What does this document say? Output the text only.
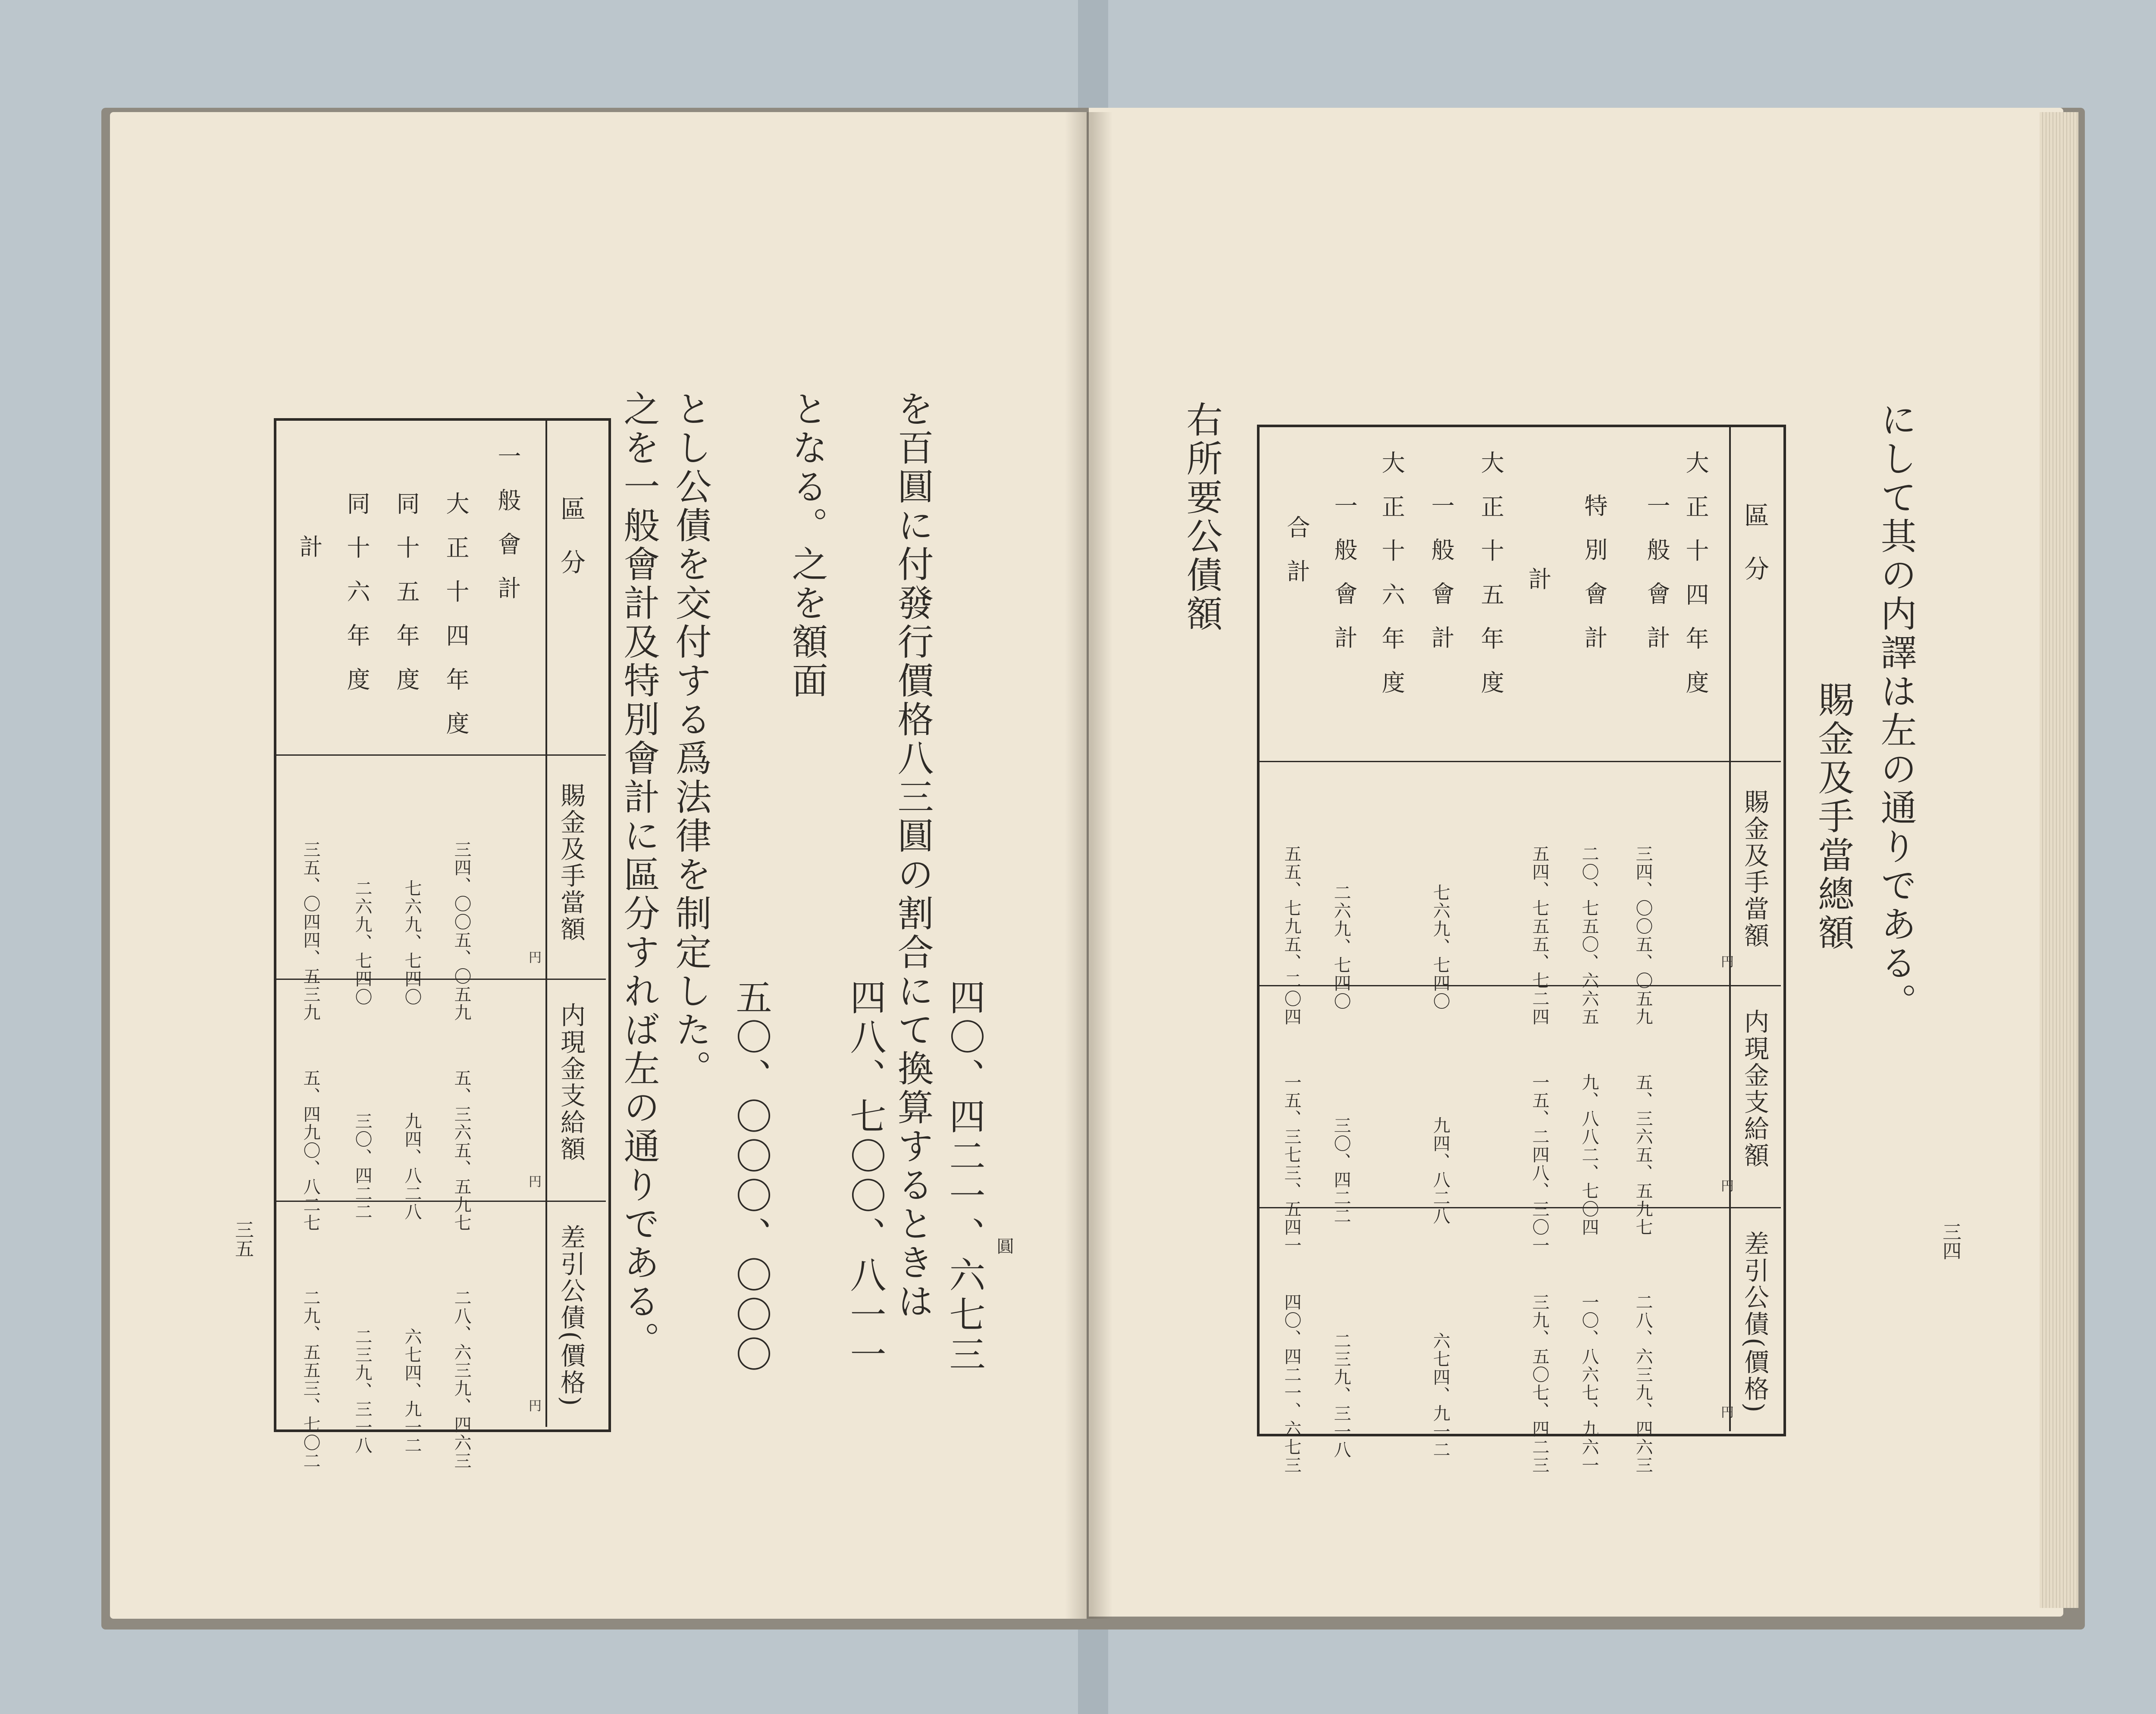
にして其の内譯は左の通りである。

賜金及手當總額

三四

右所要公債額	區　分

賜金及手當額

内現金支給額

差引公債(價格)

円

円

円

大正十四年度

一般會計

特別會計

計

大正十五年度

一般會計

大正十六年度

一般會計

合計

三四、〇〇五、〇五九

五、三六五、五九七

二八、六三九、四六三

二〇、七五〇、六六五

九、八八二、七〇四

一〇、八六七、九六一

五四、七五五、七二四

一五、二四八、三〇一

三九、五〇七、四二三

七六九、七四〇

九四、八二八

六七四、九一二

二六九、七四〇

三〇、四二二

二三九、三一八

五五、七九五、二〇四

一五、三七三、五四一

四〇、四二一、六七三

を百圓に付發行價格八三圓の割合にて換算するときは 四〇、四二一、六七三 圓

四八、七〇〇、八一一

となる。之を額面

五〇、〇〇〇、〇〇〇

とし公債を交付する爲法律を制定した。

之を一般會計及特別會計に區分すれば左の通りである。

三五

區　分

賜金及手當額

内現金支給額

差引公債(價格)

円

円

円

一般會計

大正十四年度

同十五年度

同十六年度

計

三四、〇〇五、〇五九

五、三六五、五九七

二八、六三九、四六三

七六九、七四〇

九四、八二八

六七四、九一二

二六九、七四〇

三〇、四二二

二三九、三一八

三五、〇四四、五三九

五、四九〇、八二七

二九、五五三、七〇二
